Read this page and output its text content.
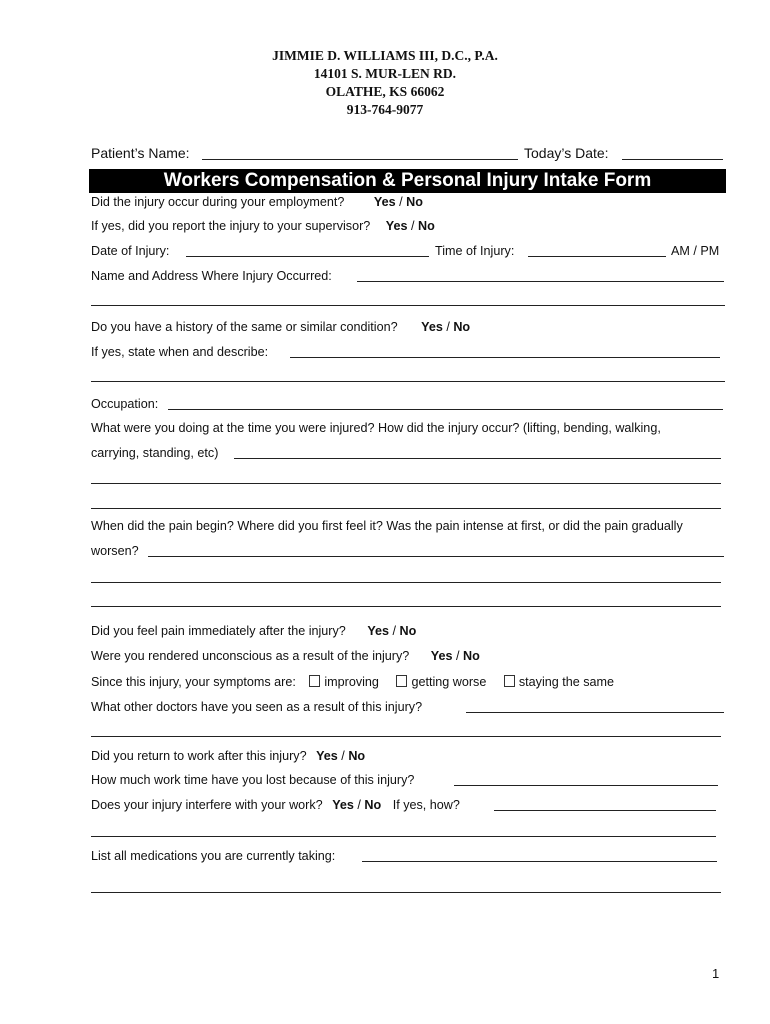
JIMMIE D. WILLIAMS III, D.C., P.A.
14101 S. MUR-LEN RD.
OLATHE, KS 66062
913-764-9077
Patient’s Name:	Today’s Date:
Workers Compensation & Personal Injury Intake Form
Did the injury occur during your employment? Yes / No
If yes, did you report the injury to your supervisor? Yes / No
Date of Injury:	Time of Injury:	AM / PM
Name and Address Where Injury Occurred:
Do you have a history of the same or similar condition? Yes / No
If yes, state when and describe:
Occupation:
What were you doing at the time you were injured? How did the injury occur? (lifting, bending, walking,
carrying, standing, etc)
When did the pain begin? Where did you first feel it? Was the pain intense at first, or did the pain gradually
worsen?
Did you feel pain immediately after the injury? Yes / No
Were you rendered unconscious as a result of the injury? Yes / No
Since this injury, your symptoms are: improving	getting worse	staying the same
What other doctors have you seen as a result of this injury?
Did you return to work after this injury? Yes / No
How much work time have you lost because of this injury?
Does your injury interfere with your work? Yes / No If yes, how?
List all medications you are currently taking:
1
